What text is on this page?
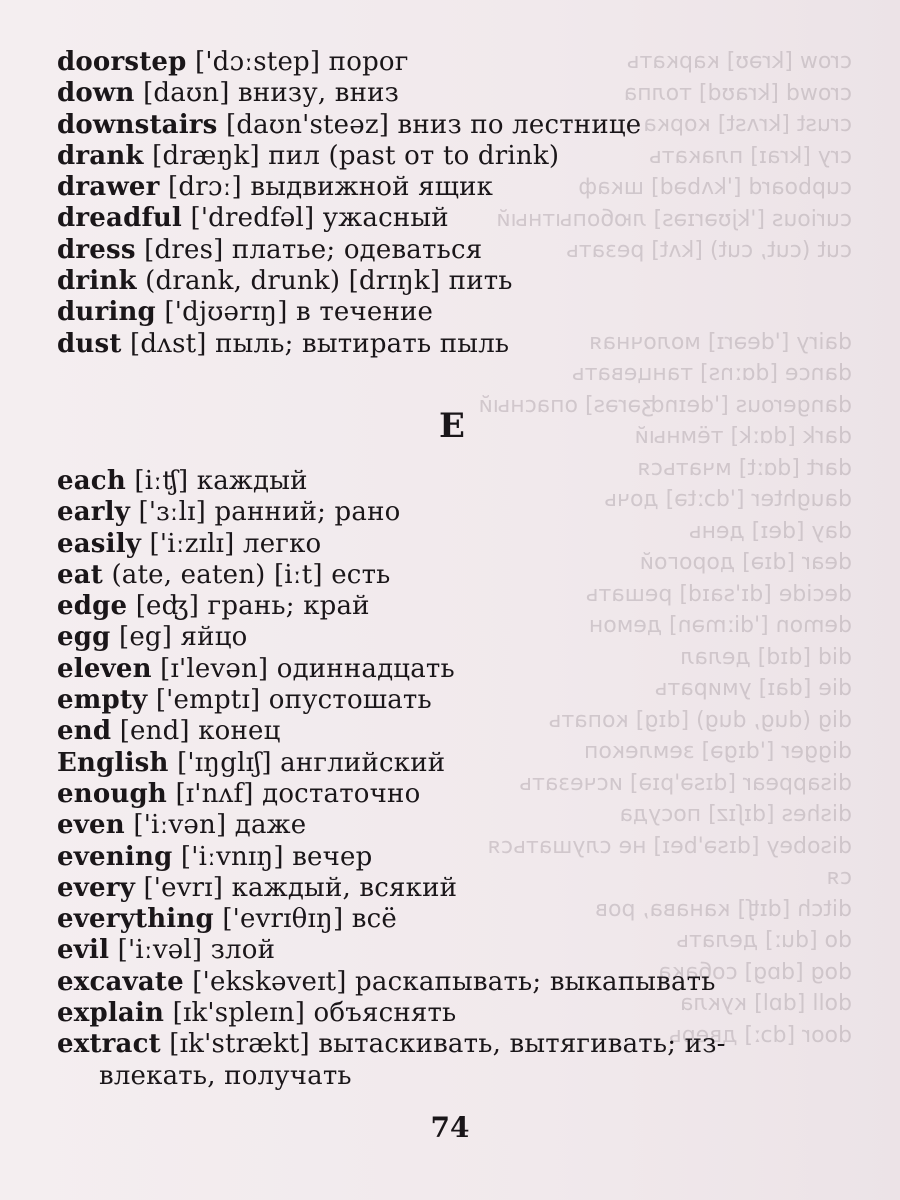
crow [krəʊ] каркать
crowd [kraʊd] толпа
crust [krʌst] корка
cry [kraɪ] плакать
cupboard ['kʌbəd] шкаф
curious ['kjʊərɪəs] любопытный
cut (cut, cut) [kʌt] резать
dairy ['deərɪ] молочная
dance [dɑːns] танцевать
dangerous ['deɪnʤərəs] опасный
dark [dɑːk] тёмный
dart [dɑːt] мчаться
daughter ['dɔːtə] дочь
day [deɪ] день
dear [dɪə] дорогой
decide [dɪ'saɪd] решать
demon ['diːmən] демон
did [dɪd] делал
die [daɪ] умирать
dig (dug, dug) [dɪg] копать
digger ['dɪgə] землекоп
disappear [dɪsə'pɪə] исчезать
dishes [dɪʃɪz] посуда
disobey [dɪsə'beɪ] не слушаться
ся
ditch [dɪʧ] канава, ров
do [duː] делать
dog [dɒg] собака
doll [dɒl] кукла
door [dɔː] дверь
doorstep ['dɔːstep] порог
down [daʊn] внизу, вниз
downstairs [daʊn'steəz] вниз по лестнице
drank [dræŋk] пил (past от to drink)
drawer [drɔː] выдвижной ящик
dreadful ['dredfəl] ужасный
dress [dres] платье; одеваться
drink (drank, drunk) [drɪŋk] пить
during ['djʊərɪŋ] в течение
dust [dʌst] пыль; вытирать пыль
E
each [iːʧ] каждый
early ['ɜːlɪ] ранний; рано
easily ['iːzɪlɪ] легко
eat (ate, eaten) [iːt] есть
edge [eʤ] грань; край
egg [eg] яйцо
eleven [ɪ'levən] одиннадцать
empty ['emptɪ] опустошать
end [end] конец
English ['ɪŋglɪʃ] английский
enough [ɪ'nʌf] достаточно
even ['iːvən] даже
evening ['iːvnɪŋ] вечер
every ['evrɪ] каждый, всякий
everything ['evrɪθɪŋ] всё
evil ['iːvəl] злой
excavate ['ekskəveɪt] раскапывать; выкапывать
explain [ɪk'spleɪn] объяснять
extract [ɪk'strækt] вытаскивать, вытягивать; из-
влекать, получать
74
